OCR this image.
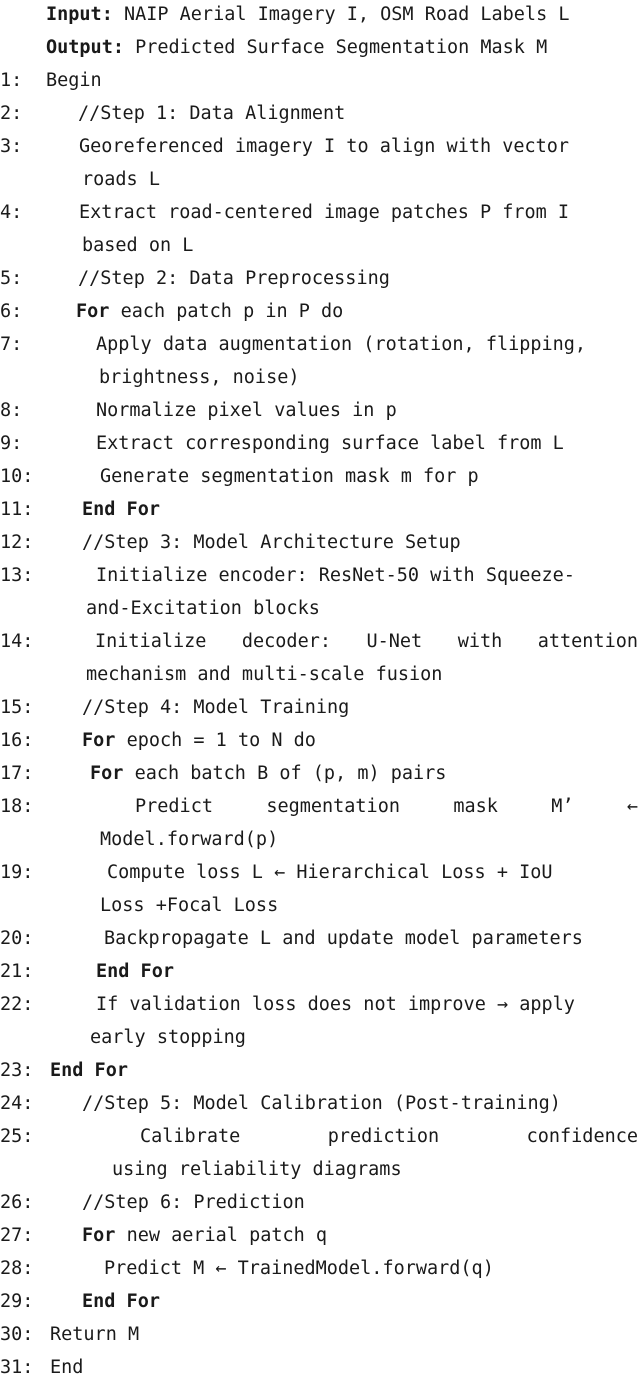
Input: NAIP Aerial Imagery I, OSM Road Labels L
Output: Predicted Surface Segmentation Mask M
1: Begin
2:	//Step 1: Data Alignment
3:	Georeferenced imagery I to align with vector
roads L
4:	Extract road-centered image patches P from I
based on L
5:	//Step 2: Data Preprocessing
6:	For each patch p in P do
7:	Apply data augmentation (rotation, flipping,
brightness, noise)
8:	Normalize pixel values in p
9:	Extract corresponding surface label from L
10:	Generate segmentation mask m for p
11:	End For
12:	//Step 3: Model Architecture Setup
13:	Initialize encoder: ResNet-50 with Squeeze-
and-Excitation blocks
14:	Initialize decoder: U-Net with attention
mechanism and multi-scale fusion
15:	//Step 4: Model Training
16:	For epoch = 1 to N do
17:	For each batch B of (p, m) pairs
18:	Predict segmentation mask M’ ←
Model.forward(p)
19:	Compute loss L ← Hierarchical Loss + IoU
Loss +Focal Loss
20:	Backpropagate L and update model parameters
21:	End For
22:	If validation loss does not improve → apply
early stopping
23: End For
24:	//Step 5: Model Calibration (Post-training)
25:	Calibrate prediction confidence
using reliability diagrams
26:	//Step 6: Prediction
27:	For new aerial patch q
28:	Predict M ← TrainedModel.forward(q)
29:	End For
30: Return M
31: End
